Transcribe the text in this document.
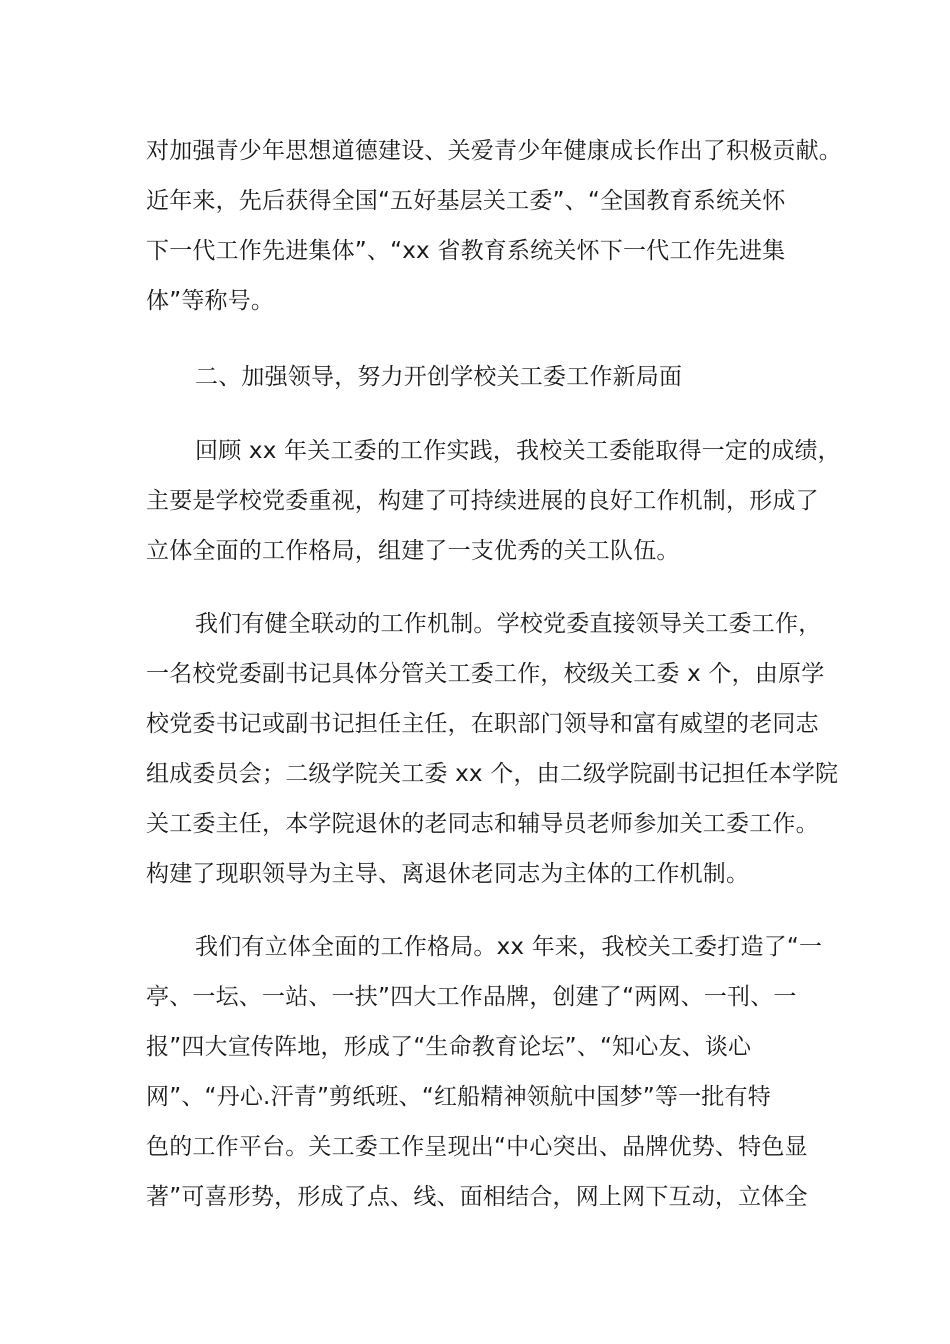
对加强青少年思想道德建设、关爱青少年健康成长作出了积极贡献。
近年来，先后获得全国“五好基层关工委”、“全国教育系统关怀
下一代工作先进集体”、“xx 省教育系统关怀下一代工作先进集
体”等称号。
二、加强领导，努力开创学校关工委工作新局面
回顾 xx 年关工委的工作实践，我校关工委能取得一定的成绩，
主要是学校党委重视，构建了可持续进展的良好工作机制，形成了
立体全面的工作格局，组建了一支优秀的关工队伍。
我们有健全联动的工作机制。学校党委直接领导关工委工作，
一名校党委副书记具体分管关工委工作，校级关工委 x 个，由原学
校党委书记或副书记担任主任，在职部门领导和富有威望的老同志
组成委员会；二级学院关工委 xx 个，由二级学院副书记担任本学院
关工委主任，本学院退休的老同志和辅导员老师参加关工委工作。
构建了现职领导为主导、离退休老同志为主体的工作机制。
我们有立体全面的工作格局。xx 年来，我校关工委打造了“一
亭、一坛、一站、一扶”四大工作品牌，创建了“两网、一刊、一
报”四大宣传阵地，形成了“生命教育论坛”、“知心友、谈心
网”、“丹心.汗青”剪纸班、“红船精神领航中国梦”等一批有特
色的工作平台。关工委工作呈现出“中心突出、品牌优势、特色显
著”可喜形势，形成了点、线、面相结合，网上网下互动，立体全
